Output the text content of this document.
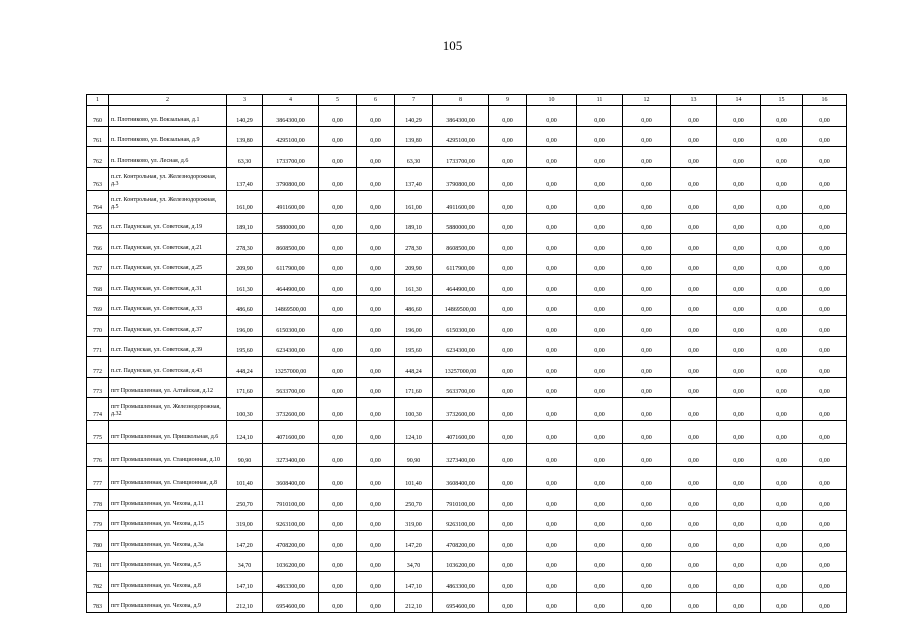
105
1	2	3	4	5	6	7	8	9	10	11	12	13	14	15	16
760	п. Плотниково, ул. Вокзальная, д.1	140,29	3864300,00	0,00	0,00	140,29	3864300,00	0,00	0,00	0,00	0,00	0,00	0,00	0,00	0,00
761	п. Плотниково, ул. Вокзальная, д.9	139,80	4295100,00	0,00	0,00	139,80	4295100,00	0,00	0,00	0,00	0,00	0,00	0,00	0,00	0,00
762	п. Плотниково, ул. Лесная, д.6	63,30	1733700,00	0,00	0,00	63,30	1733700,00	0,00	0,00	0,00	0,00	0,00	0,00	0,00	0,00
763	п.ст. Контрольная, ул. Железнодорожная, д.3	137,40	3790800,00	0,00	0,00	137,40	3790800,00	0,00	0,00	0,00	0,00	0,00	0,00	0,00	0,00
764	п.ст. Контрольная, ул. Железнодорожная, д.5	161,00	4911600,00	0,00	0,00	161,00	4911600,00	0,00	0,00	0,00	0,00	0,00	0,00	0,00	0,00
765	п.ст. Падунская, ул. Советская, д.19	189,10	5880000,00	0,00	0,00	189,10	5880000,00	0,00	0,00	0,00	0,00	0,00	0,00	0,00	0,00
766	п.ст. Падунская, ул. Советская, д.21	278,30	8608500,00	0,00	0,00	278,30	8608500,00	0,00	0,00	0,00	0,00	0,00	0,00	0,00	0,00
767	п.ст. Падунская, ул. Советская, д.25	209,90	6117900,00	0,00	0,00	209,90	6117900,00	0,00	0,00	0,00	0,00	0,00	0,00	0,00	0,00
768	п.ст. Падунская, ул. Советская, д.31	161,30	4644900,00	0,00	0,00	161,30	4644900,00	0,00	0,00	0,00	0,00	0,00	0,00	0,00	0,00
769	п.ст. Падунская, ул. Советская, д.33	486,60	14869500,00	0,00	0,00	486,60	14869500,00	0,00	0,00	0,00	0,00	0,00	0,00	0,00	0,00
770	п.ст. Падунская, ул. Советская, д.37	196,00	6150300,00	0,00	0,00	196,00	6150300,00	0,00	0,00	0,00	0,00	0,00	0,00	0,00	0,00
771	п.ст. Падунская, ул. Советская, д.39	195,60	6234300,00	0,00	0,00	195,60	6234300,00	0,00	0,00	0,00	0,00	0,00	0,00	0,00	0,00
772	п.ст. Падунская, ул. Советская, д.43	448,24	13257000,00	0,00	0,00	448,24	13257000,00	0,00	0,00	0,00	0,00	0,00	0,00	0,00	0,00
773	пгт Промышленная, ул. Алтайская, д.12	171,60	5633700,00	0,00	0,00	171,60	5633700,00	0,00	0,00	0,00	0,00	0,00	0,00	0,00	0,00
774	пгт Промышленная, ул. Железнодорожная, д.32	100,30	3732600,00	0,00	0,00	100,30	3732600,00	0,00	0,00	0,00	0,00	0,00	0,00	0,00	0,00
775	пгт Промышленная, ул. Пришкольная, д.6	124,10	4071600,00	0,00	0,00	124,10	4071600,00	0,00	0,00	0,00	0,00	0,00	0,00	0,00	0,00
776	пгт Промышленная, ул. Станционная, д.10	90,90	3273400,00	0,00	0,00	90,90	3273400,00	0,00	0,00	0,00	0,00	0,00	0,00	0,00	0,00
777	пгт Промышленная, ул. Станционная, д.8	101,40	3608400,00	0,00	0,00	101,40	3608400,00	0,00	0,00	0,00	0,00	0,00	0,00	0,00	0,00
778	пгт Промышленная, ул. Чехова, д.11	250,70	7910100,00	0,00	0,00	250,70	7910100,00	0,00	0,00	0,00	0,00	0,00	0,00	0,00	0,00
779	пгт Промышленная, ул. Чехова, д.15	319,00	9263100,00	0,00	0,00	319,00	9263100,00	0,00	0,00	0,00	0,00	0,00	0,00	0,00	0,00
780	пгт Промышленная, ул. Чехова, д.3а	147,20	4708200,00	0,00	0,00	147,20	4708200,00	0,00	0,00	0,00	0,00	0,00	0,00	0,00	0,00
781	пгт Промышленная, ул. Чехова, д.5	34,70	1036200,00	0,00	0,00	34,70	1036200,00	0,00	0,00	0,00	0,00	0,00	0,00	0,00	0,00
782	пгт Промышленная, ул. Чехова, д.8	147,10	4863300,00	0,00	0,00	147,10	4863300,00	0,00	0,00	0,00	0,00	0,00	0,00	0,00	0,00
783	пгт Промышленная, ул. Чехова, д.9	212,10	6954600,00	0,00	0,00	212,10	6954600,00	0,00	0,00	0,00	0,00	0,00	0,00	0,00	0,00
